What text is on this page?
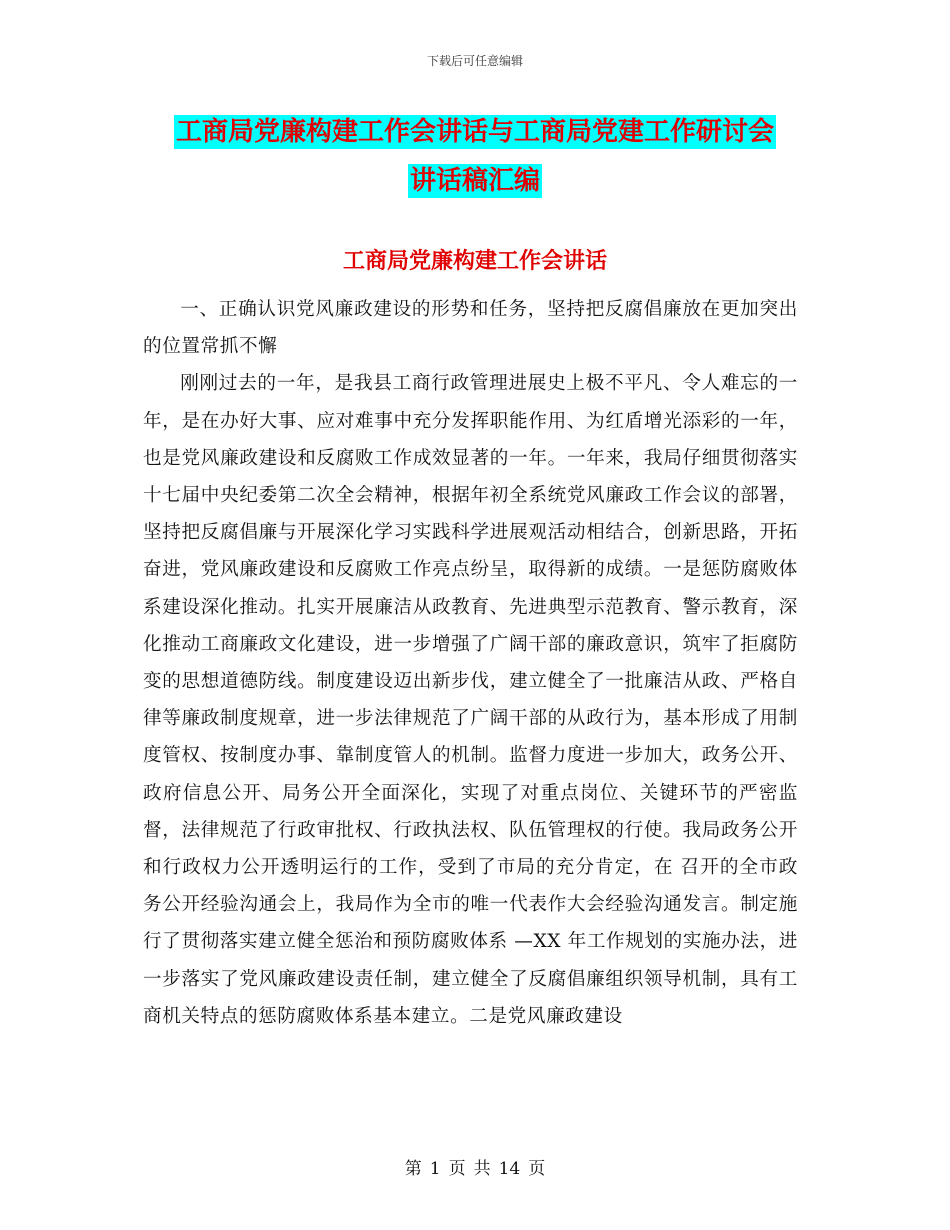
下载后可任意编辑
工商局党廉构建工作会讲话与工商局党建工作研讨会
讲话稿汇编
工商局党廉构建工作会讲话

一、正确认识党风廉政建设的形势和任务，坚持把反腐倡廉放在更加突出的位置常抓不懈

刚刚过去的一年，是我县工商行政管理进展史上极不平凡、令人难忘的一年，是在办好大事、应对难事中充分发挥职能作用、为红盾增光添彩的一年，也是党风廉政建设和反腐败工作成效显著的一年。一年来，我局仔细贯彻落实十七届中央纪委第二次全会精神，根据年初全系统党风廉政工作会议的部署，坚持把反腐倡廉与开展深化学习实践科学进展观活动相结合，创新思路，开拓奋进，党风廉政建设和反腐败工作亮点纷呈，取得新的成绩。一是惩防腐败体系建设深化推动。扎实开展廉洁从政教育、先进典型示范教育、警示教育，深化推动工商廉政文化建设，进一步增强了广阔干部的廉政意识，筑牢了拒腐防变的思想道德防线。制度建设迈出新步伐，建立健全了一批廉洁从政、严格自律等廉政制度规章，进一步法律规范了广阔干部的从政行为，基本形成了用制度管权、按制度办事、靠制度管人的机制。监督力度进一步加大，政务公开、政府信息公开、局务公开全面深化，实现了对重点岗位、关键环节的严密监督，法律规范了行政审批权、行政执法权、队伍管理权的行使。我局政务公开和行政权力公开透明运行的工作，受到了市局的充分肯定，在 召开的全市政务公开经验沟通会上，我局作为全市的唯一代表作大会经验沟通发言。制定施行了贯彻落实建立健全惩治和预防腐败体系 —XX 年工作规划的实施办法，进一步落实了党风廉政建设责任制，建立健全了反腐倡廉组织领导机制，具有工商机关特点的惩防腐败体系基本建立。二是党风廉政建设

第 1 页 共 14 页
